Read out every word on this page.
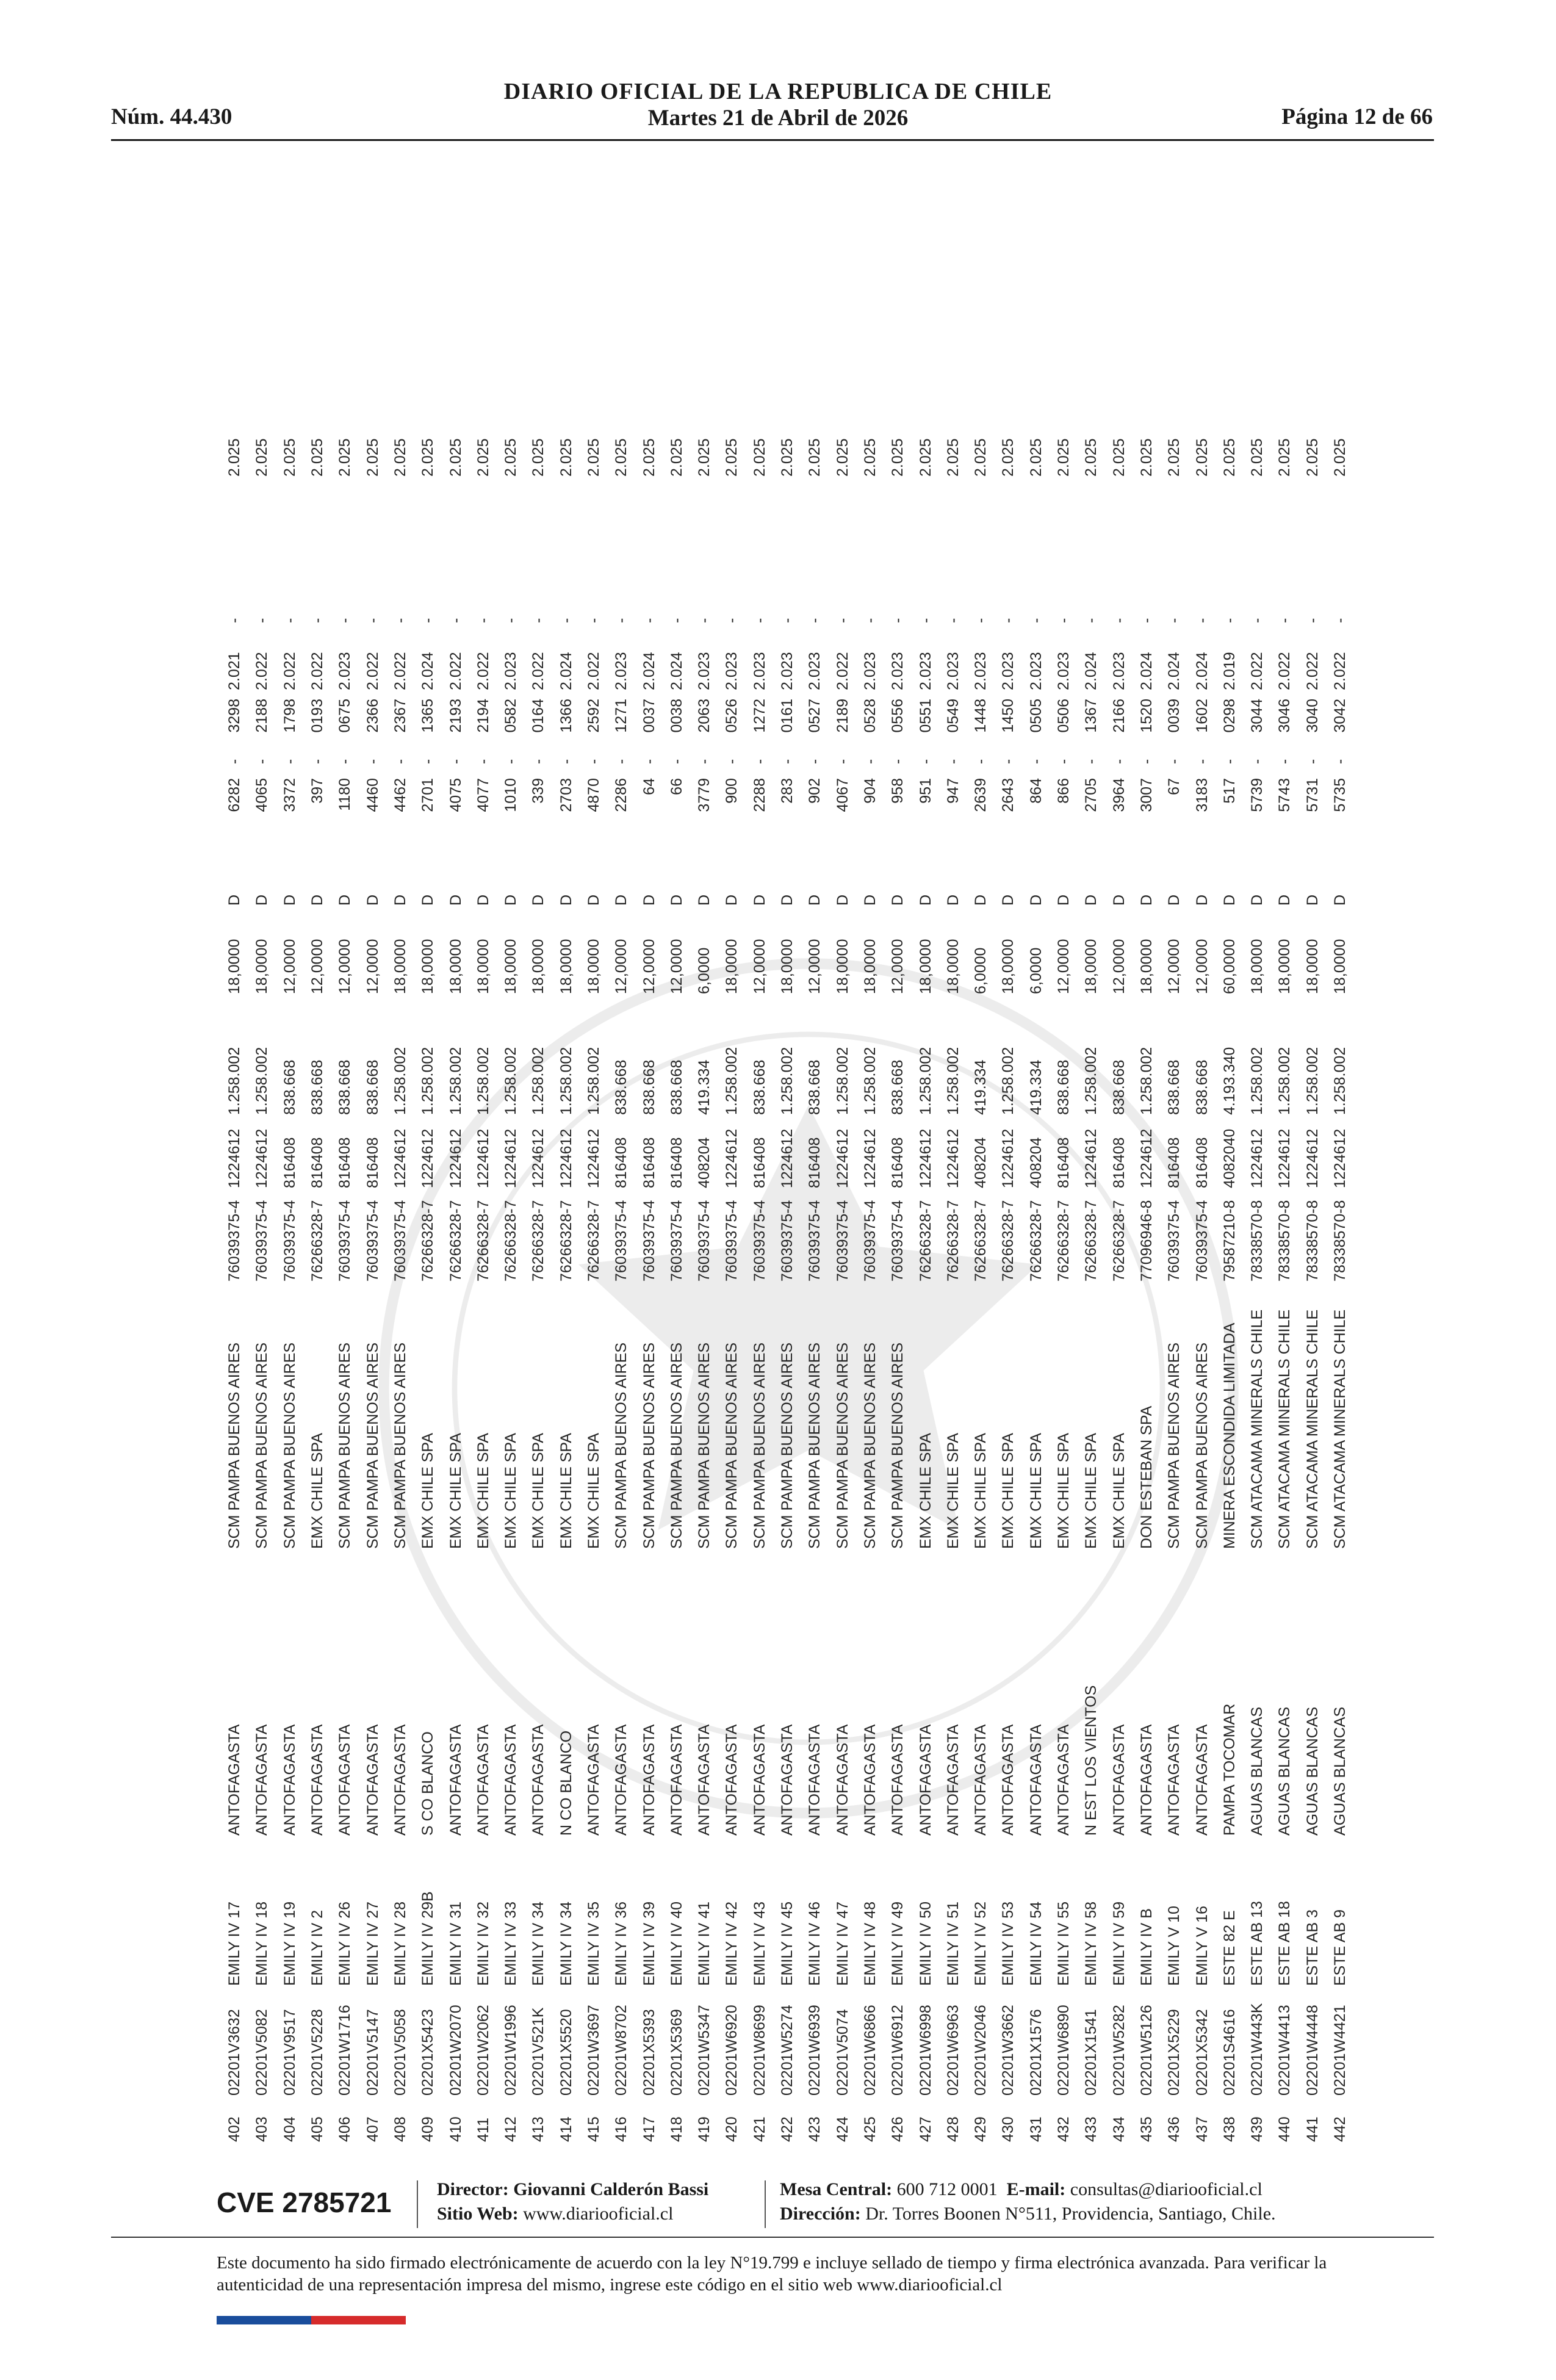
DIARIO OFICIAL DE LA REPUBLICA DE CHILE
Núm. 44.430	Martes 21 de Abril de 2026	Página 12 de 66
402	02201V3632	EMILY IV 17	ANTOFAGASTA	SCM PAMPA BUENOS AIRES	76039375-4	1224612	1.258.002	18,0000	D	6282	-	3298	2.021	-	2.025
403	02201V5082	EMILY IV 18	ANTOFAGASTA	SCM PAMPA BUENOS AIRES	76039375-4	1224612	1.258.002	18,0000	D	4065	-	2188	2.022	-	2.025
404	02201V9517	EMILY IV 19	ANTOFAGASTA	SCM PAMPA BUENOS AIRES	76039375-4	816408	838.668	12,0000	D	3372	-	1798	2.022	-	2.025
405	02201V5228	EMILY IV 2	ANTOFAGASTA	EMX CHILE SPA	76266328-7	816408	838.668	12,0000	D	397	-	0193	2.022	-	2.025
406	02201W1716	EMILY IV 26	ANTOFAGASTA	SCM PAMPA BUENOS AIRES	76039375-4	816408	838.668	12,0000	D	1180	-	0675	2.023	-	2.025
407	02201V5147	EMILY IV 27	ANTOFAGASTA	SCM PAMPA BUENOS AIRES	76039375-4	816408	838.668	12,0000	D	4460	-	2366	2.022	-	2.025
408	02201V5058	EMILY IV 28	ANTOFAGASTA	SCM PAMPA BUENOS AIRES	76039375-4	1224612	1.258.002	18,0000	D	4462	-	2367	2.022	-	2.025
409	02201X5423	EMILY IV 29B	S CO BLANCO	EMX CHILE SPA	76266328-7	1224612	1.258.002	18,0000	D	2701	-	1365	2.024	-	2.025
410	02201W2070	EMILY IV 31	ANTOFAGASTA	EMX CHILE SPA	76266328-7	1224612	1.258.002	18,0000	D	4075	-	2193	2.022	-	2.025
411	02201W2062	EMILY IV 32	ANTOFAGASTA	EMX CHILE SPA	76266328-7	1224612	1.258.002	18,0000	D	4077	-	2194	2.022	-	2.025
412	02201W1996	EMILY IV 33	ANTOFAGASTA	EMX CHILE SPA	76266328-7	1224612	1.258.002	18,0000	D	1010	-	0582	2.023	-	2.025
413	02201V521K	EMILY IV 34	ANTOFAGASTA	EMX CHILE SPA	76266328-7	1224612	1.258.002	18,0000	D	339	-	0164	2.022	-	2.025
414	02201X5520	EMILY IV 34	N CO BLANCO	EMX CHILE SPA	76266328-7	1224612	1.258.002	18,0000	D	2703	-	1366	2.024	-	2.025
415	02201W3697	EMILY IV 35	ANTOFAGASTA	EMX CHILE SPA	76266328-7	1224612	1.258.002	18,0000	D	4870	-	2592	2.022	-	2.025
416	02201W8702	EMILY IV 36	ANTOFAGASTA	SCM PAMPA BUENOS AIRES	76039375-4	816408	838.668	12,0000	D	2286	-	1271	2.023	-	2.025
417	02201X5393	EMILY IV 39	ANTOFAGASTA	SCM PAMPA BUENOS AIRES	76039375-4	816408	838.668	12,0000	D	64	-	0037	2.024	-	2.025
418	02201X5369	EMILY IV 40	ANTOFAGASTA	SCM PAMPA BUENOS AIRES	76039375-4	816408	838.668	12,0000	D	66	-	0038	2.024	-	2.025
419	02201W5347	EMILY IV 41	ANTOFAGASTA	SCM PAMPA BUENOS AIRES	76039375-4	408204	419.334	6,0000	D	3779	-	2063	2.023	-	2.025
420	02201W6920	EMILY IV 42	ANTOFAGASTA	SCM PAMPA BUENOS AIRES	76039375-4	1224612	1.258.002	18,0000	D	900	-	0526	2.023	-	2.025
421	02201W8699	EMILY IV 43	ANTOFAGASTA	SCM PAMPA BUENOS AIRES	76039375-4	816408	838.668	12,0000	D	2288	-	1272	2.023	-	2.025
422	02201W5274	EMILY IV 45	ANTOFAGASTA	SCM PAMPA BUENOS AIRES	76039375-4	1224612	1.258.002	18,0000	D	283	-	0161	2.023	-	2.025
423	02201W6939	EMILY IV 46	ANTOFAGASTA	SCM PAMPA BUENOS AIRES	76039375-4	816408	838.668	12,0000	D	902	-	0527	2.023	-	2.025
424	02201V5074	EMILY IV 47	ANTOFAGASTA	SCM PAMPA BUENOS AIRES	76039375-4	1224612	1.258.002	18,0000	D	4067	-	2189	2.022	-	2.025
425	02201W6866	EMILY IV 48	ANTOFAGASTA	SCM PAMPA BUENOS AIRES	76039375-4	1224612	1.258.002	18,0000	D	904	-	0528	2.023	-	2.025
426	02201W6912	EMILY IV 49	ANTOFAGASTA	SCM PAMPA BUENOS AIRES	76039375-4	816408	838.668	12,0000	D	958	-	0556	2.023	-	2.025
427	02201W6998	EMILY IV 50	ANTOFAGASTA	EMX CHILE SPA	76266328-7	1224612	1.258.002	18,0000	D	951	-	0551	2.023	-	2.025
428	02201W6963	EMILY IV 51	ANTOFAGASTA	EMX CHILE SPA	76266328-7	1224612	1.258.002	18,0000	D	947	-	0549	2.023	-	2.025
429	02201W2046	EMILY IV 52	ANTOFAGASTA	EMX CHILE SPA	76266328-7	408204	419.334	6,0000	D	2639	-	1448	2.023	-	2.025
430	02201W3662	EMILY IV 53	ANTOFAGASTA	EMX CHILE SPA	76266328-7	1224612	1.258.002	18,0000	D	2643	-	1450	2.023	-	2.025
431	02201X1576	EMILY IV 54	ANTOFAGASTA	EMX CHILE SPA	76266328-7	408204	419.334	6,0000	D	864	-	0505	2.023	-	2.025
432	02201W6890	EMILY IV 55	ANTOFAGASTA	EMX CHILE SPA	76266328-7	816408	838.668	12,0000	D	866	-	0506	2.023	-	2.025
433	02201X1541	EMILY IV 58	N EST LOS VIENTOS	EMX CHILE SPA	76266328-7	1224612	1.258.002	18,0000	D	2705	-	1367	2.024	-	2.025
434	02201W5282	EMILY IV 59	ANTOFAGASTA	EMX CHILE SPA	76266328-7	816408	838.668	12,0000	D	3964	-	2166	2.023	-	2.025
435	02201W5126	EMILY IV B	ANTOFAGASTA	DON ESTEBAN SPA	77096946-8	1224612	1.258.002	18,0000	D	3007	-	1520	2.024	-	2.025
436	02201X5229	EMILY V 10	ANTOFAGASTA	SCM PAMPA BUENOS AIRES	76039375-4	816408	838.668	12,0000	D	67	-	0039	2.024	-	2.025
437	02201X5342	EMILY V 16	ANTOFAGASTA	SCM PAMPA BUENOS AIRES	76039375-4	816408	838.668	12,0000	D	3183	-	1602	2.024	-	2.025
438	02201S4616	ESTE 82 E	PAMPA TOCOMAR	MINERA ESCONDIDA LIMITADA	79587210-8	4082040	4.193.340	60,0000	D	517	-	0298	2.019	-	2.025
439	02201W443K	ESTE AB 13	AGUAS BLANCAS	SCM ATACAMA MINERALS CHILE	78338570-8	1224612	1.258.002	18,0000	D	5739	-	3044	2.022	-	2.025
440	02201W4413	ESTE AB 18	AGUAS BLANCAS	SCM ATACAMA MINERALS CHILE	78338570-8	1224612	1.258.002	18,0000	D	5743	-	3046	2.022	-	2.025
441	02201W4448	ESTE AB 3	AGUAS BLANCAS	SCM ATACAMA MINERALS CHILE	78338570-8	1224612	1.258.002	18,0000	D	5731	-	3040	2.022	-	2.025
442	02201W4421	ESTE AB 9	AGUAS BLANCAS	SCM ATACAMA MINERALS CHILE	78338570-8	1224612	1.258.002	18,0000	D	5735	-	3042	2.022	-	2.025
CVE 2785721 Director: Giovanni Calderón Bassi
Sitio Web: www.diariooficial.cl
Mesa Central: 600 712 0001 E-mail: consultas@diariooficial.cl
Dirección: Dr. Torres Boonen N°511, Providencia, Santiago, Chile.
Este documento ha sido firmado electrónicamente de acuerdo con la ley N°19.799 e incluye sellado de tiempo y firma electrónica avanzada. Para verificar la autenticidad de una representación impresa del mismo, ingrese este código en el sitio web www.diariooficial.cl
